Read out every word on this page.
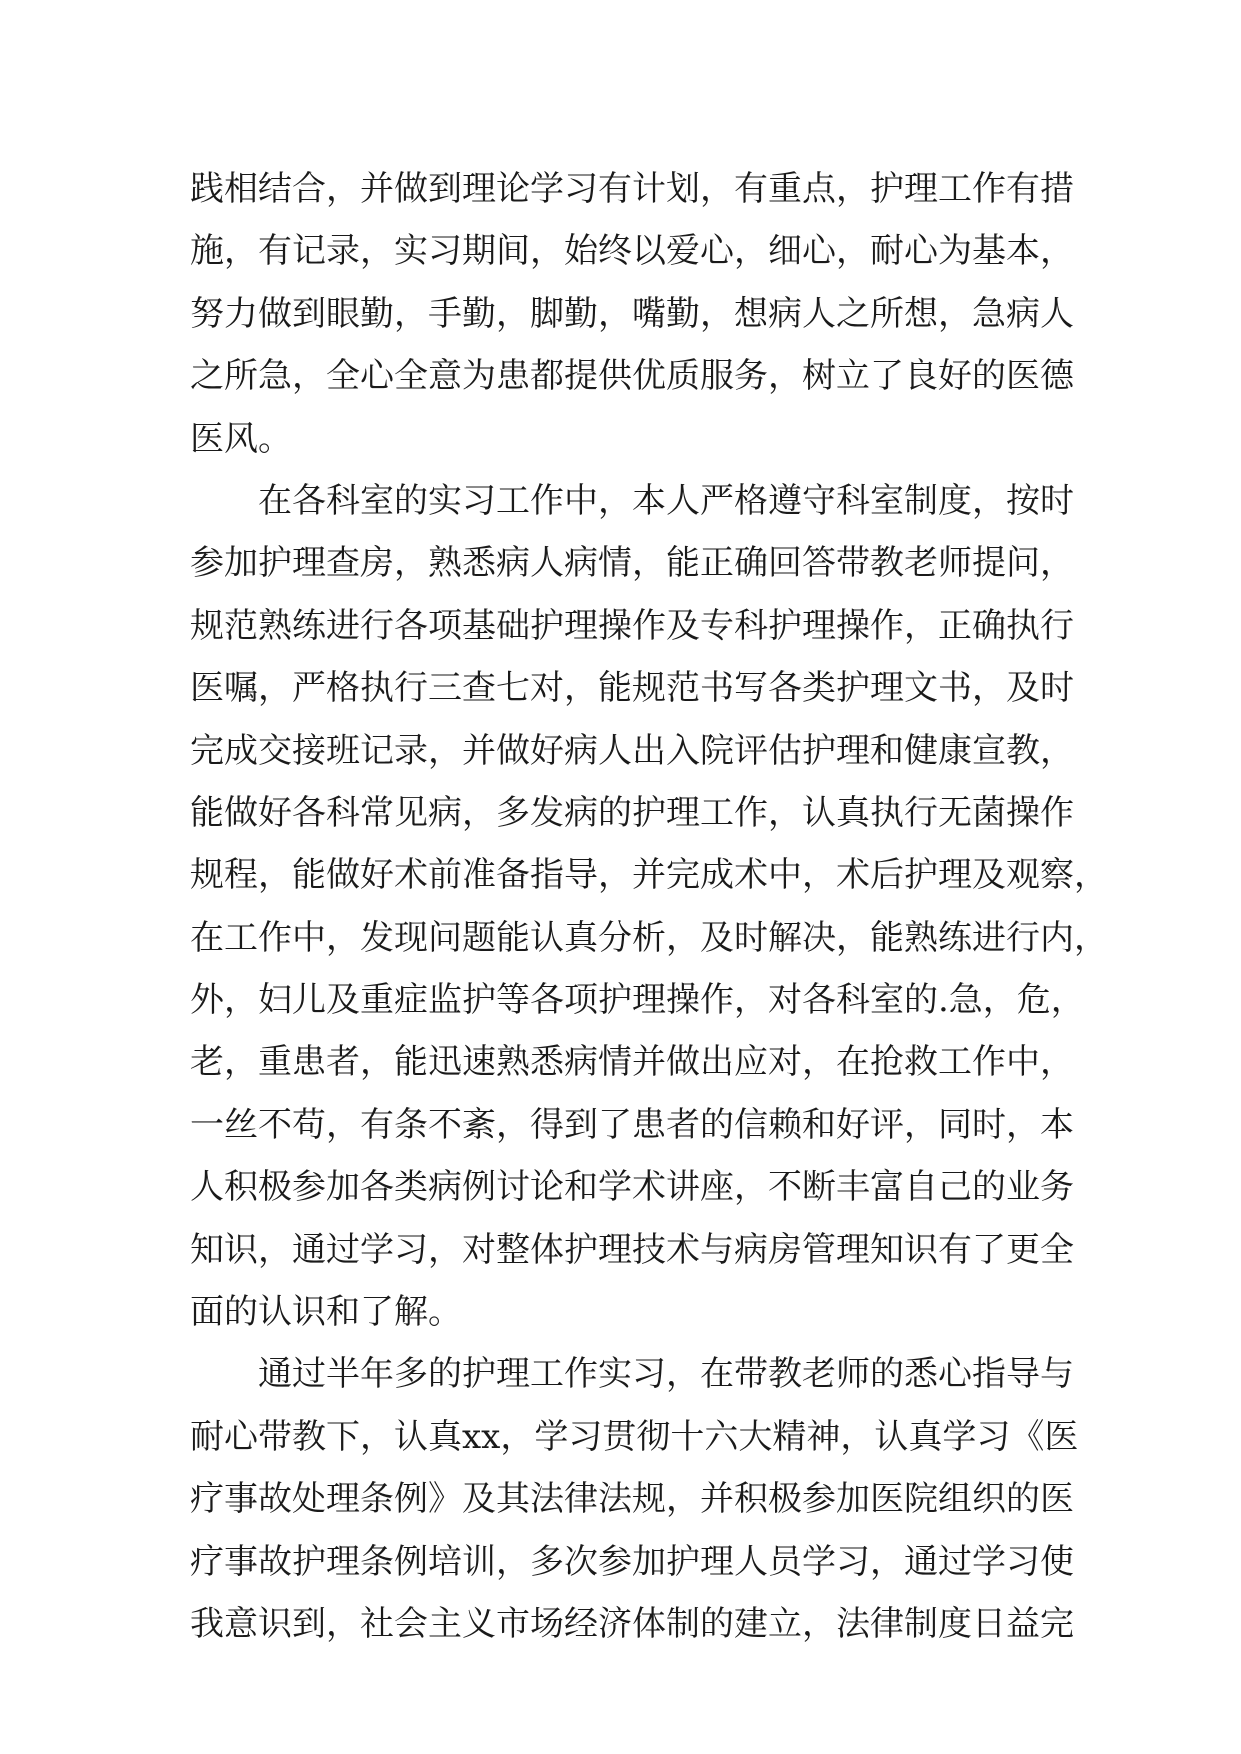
践相结合，并做到理论学习有计划，有重点，护理工作有措
施，有记录，实习期间，始终以爱心，细心，耐心为基本，
努力做到眼勤，手勤，脚勤，嘴勤，想病人之所想，急病人
之所急，全心全意为患都提供优质服务，树立了良好的医德
医风。
在各科室的实习工作中，本人严格遵守科室制度，按时
参加护理查房，熟悉病人病情，能正确回答带教老师提问，
规范熟练进行各项基础护理操作及专科护理操作，正确执行
医嘱，严格执行三查七对，能规范书写各类护理文书，及时
完成交接班记录，并做好病人出入院评估护理和健康宣教，
能做好各科常见病，多发病的护理工作，认真执行无菌操作
规程，能做好术前准备指导，并完成术中，术后护理及观察，
在工作中，发现问题能认真分析，及时解决，能熟练进行内，
外，妇儿及重症监护等各项护理操作，对各科室的.急，危，
老，重患者，能迅速熟悉病情并做出应对，在抢救工作中，
一丝不苟，有条不紊，得到了患者的信赖和好评，同时，本
人积极参加各类病例讨论和学术讲座，不断丰富自己的业务
知识，通过学习，对整体护理技术与病房管理知识有了更全
面的认识和了解。
通过半年多的护理工作实习，在带教老师的悉心指导与
耐心带教下，认真xx，学习贯彻十六大精神，认真学习《医
疗事故处理条例》及其法律法规，并积极参加医院组织的医
疗事故护理条例培训，多次参加护理人员学习，通过学习使
我意识到，社会主义市场经济体制的建立，法律制度日益完
